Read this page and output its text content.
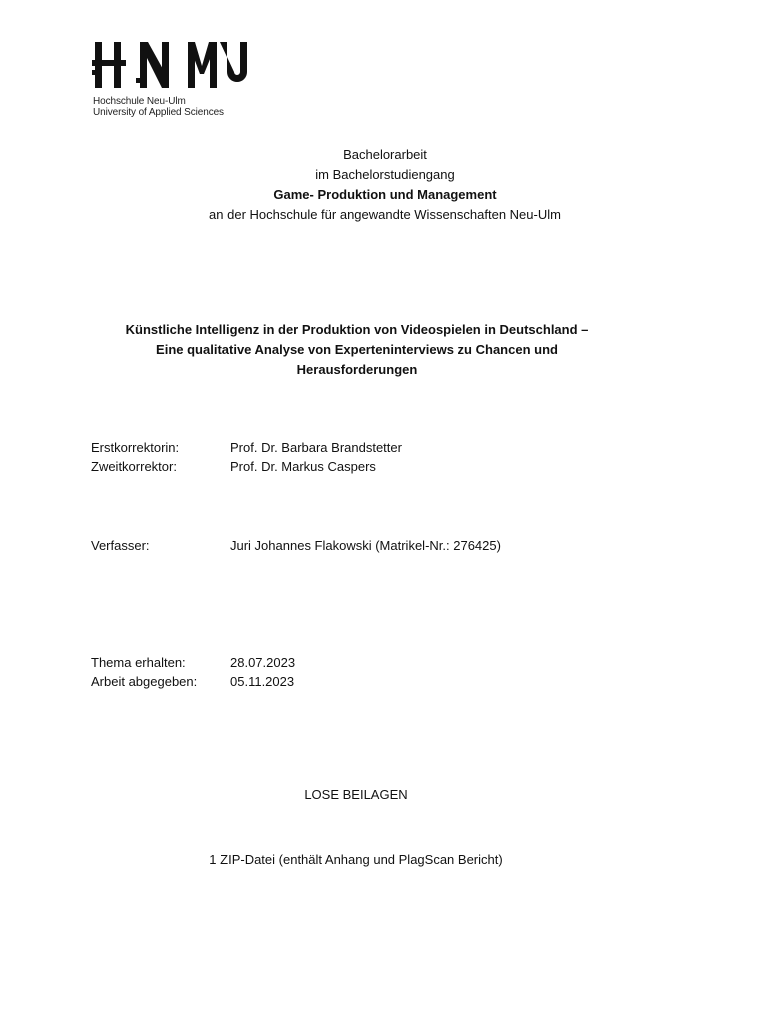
Hochschule Neu-Ulm
University of Applied Sciences
Bachelorarbeit
im Bachelorstudiengang
Game- Produktion und Management
an der Hochschule für angewandte Wissenschaften Neu-Ulm
Künstliche Intelligenz in der Produktion von Videospielen in Deutschland –
Eine qualitative Analyse von Experteninterviews zu Chancen und
Herausforderungen
Erstkorrektorin:	Prof. Dr. Barbara Brandstetter
Zweitkorrektor:	Prof. Dr. Markus Caspers
Verfasser:	Juri Johannes Flakowski (Matrikel-Nr.: 276425)
Thema erhalten:	28.07.2023
Arbeit abgegeben:	05.11.2023
LOSE BEILAGEN
1 ZIP-Datei (enthält Anhang und PlagScan Bericht)
